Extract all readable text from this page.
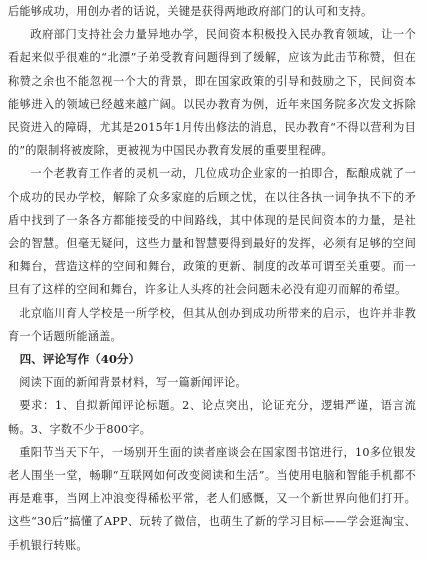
后能够成功，用创办者的话说，关键是获得两地政府部门的认可和支持。

政府部门支持社会力量异地办学，民间资本积极投入民办教育领域，让一个看起来似乎很难的“北漂”子弟受教育问题得到了缓解，应该为此击节称赞，但在称赞之余也不能忽视一个大的背景，即在国家政策的引导和鼓励之下，民间资本能够进入的领域已经越来越广阔。以民办教育为例，近年来国务院多次发文拆除民资进入的障碍，尤其是2015年1月传出修法的消息，民办教育“不得以营利为目的”的限制将被废除，更被视为中国民办教育发展的重要里程碑。

一个老教育工作者的灵机一动，几位成功企业家的一拍即合，酝酿成就了一个成功的民办学校，解除了众多家庭的后顾之忧，在以往各执一词争执不下的矛盾中找到了一条各方都能接受的中间路线，其中体现的是民间资本的力量，是社会的智慧。但毫无疑问，这些力量和智慧要得到最好的发挥，必须有足够的空间和舞台，营造这样的空间和舞台，政策的更新、制度的改革可谓至关重要。而一旦有了这样的空间和舞台，许多让人头疼的社会问题未必没有迎刃而解的希望。

北京临川育人学校是一所学校，但其从创办到成功所带来的启示，也许并非教育一个话题所能涵盖。

四、评论写作（40分）

阅读下面的新闻背景材料，写一篇新闻评论。

要求：1、自拟新闻评论标题。2、论点突出，论证充分，逻辑严谨，语言流畅。3、字数不少于800字。

重阳节当天下午，一场别开生面的读者座谈会在国家图书馆进行，10多位银发老人围坐一堂，畅聊“互联网如何改变阅读和生活”。当使用电脑和智能手机都不再是难事，当网上冲浪变得稀松平常，老人们感慨，又一个新世界向他们打开。这些“30后”搞懂了APP、玩转了微信，也萌生了新的学习目标——学会逛淘宝、手机银行转账。
